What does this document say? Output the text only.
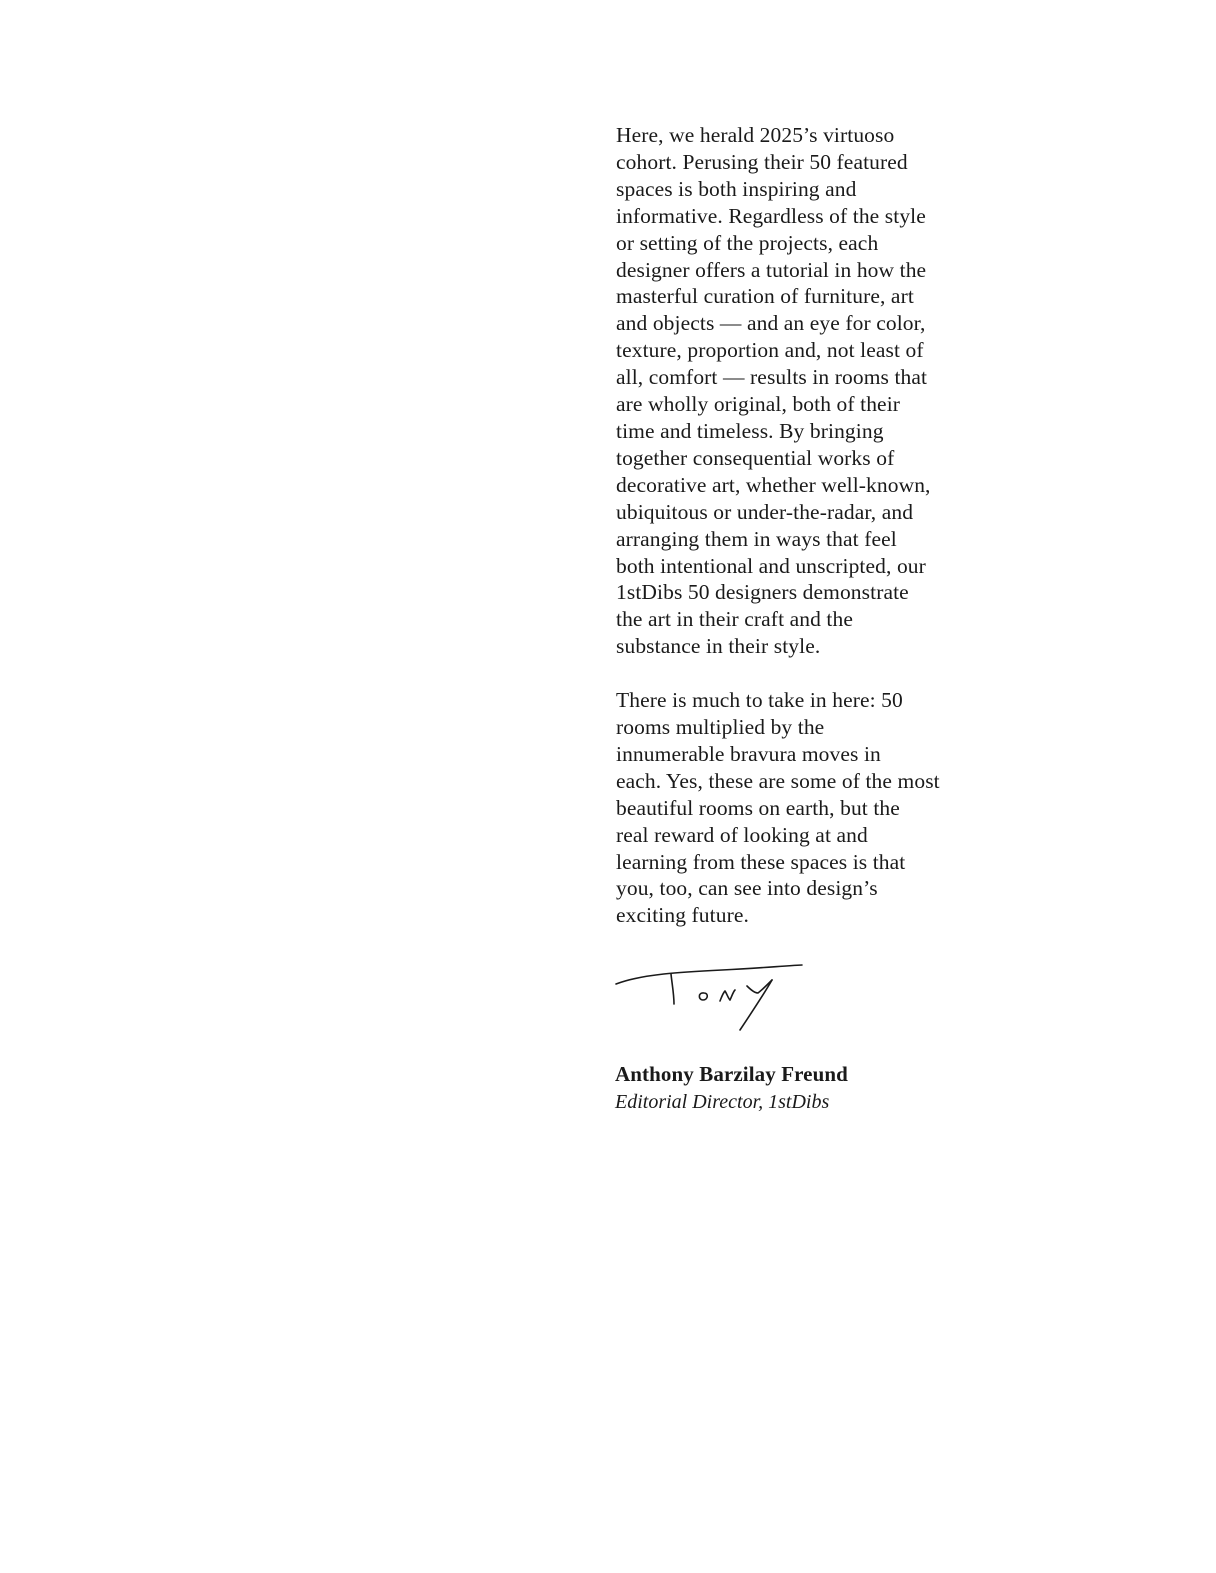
Here, we herald 2025’s virtuoso
cohort. Perusing their 50 featured
spaces is both inspiring and
informative. Regardless of the style
or setting of the projects, each
designer offers a tutorial in how the
masterful curation of furniture, art
and objects — and an eye for color,
texture, proportion and, not least of
all, comfort — results in rooms that
are wholly original, both of their
time and timeless. By bringing
together consequential works of
decorative art, whether well-known,
ubiquitous or under-the-radar, and
arranging them in ways that feel
both intentional and unscripted, our
1stDibs 50 designers demonstrate
the art in their craft and the
substance in their style.

There is much to take in here: 50
rooms multiplied by the
innumerable bravura moves in
each. Yes, these are some of the most
beautiful rooms on earth, but the
real reward of looking at and
learning from these spaces is that
you, too, can see into design’s
exciting future.

Anthony Barzilay Freund
Editorial Director, 1stDibs
